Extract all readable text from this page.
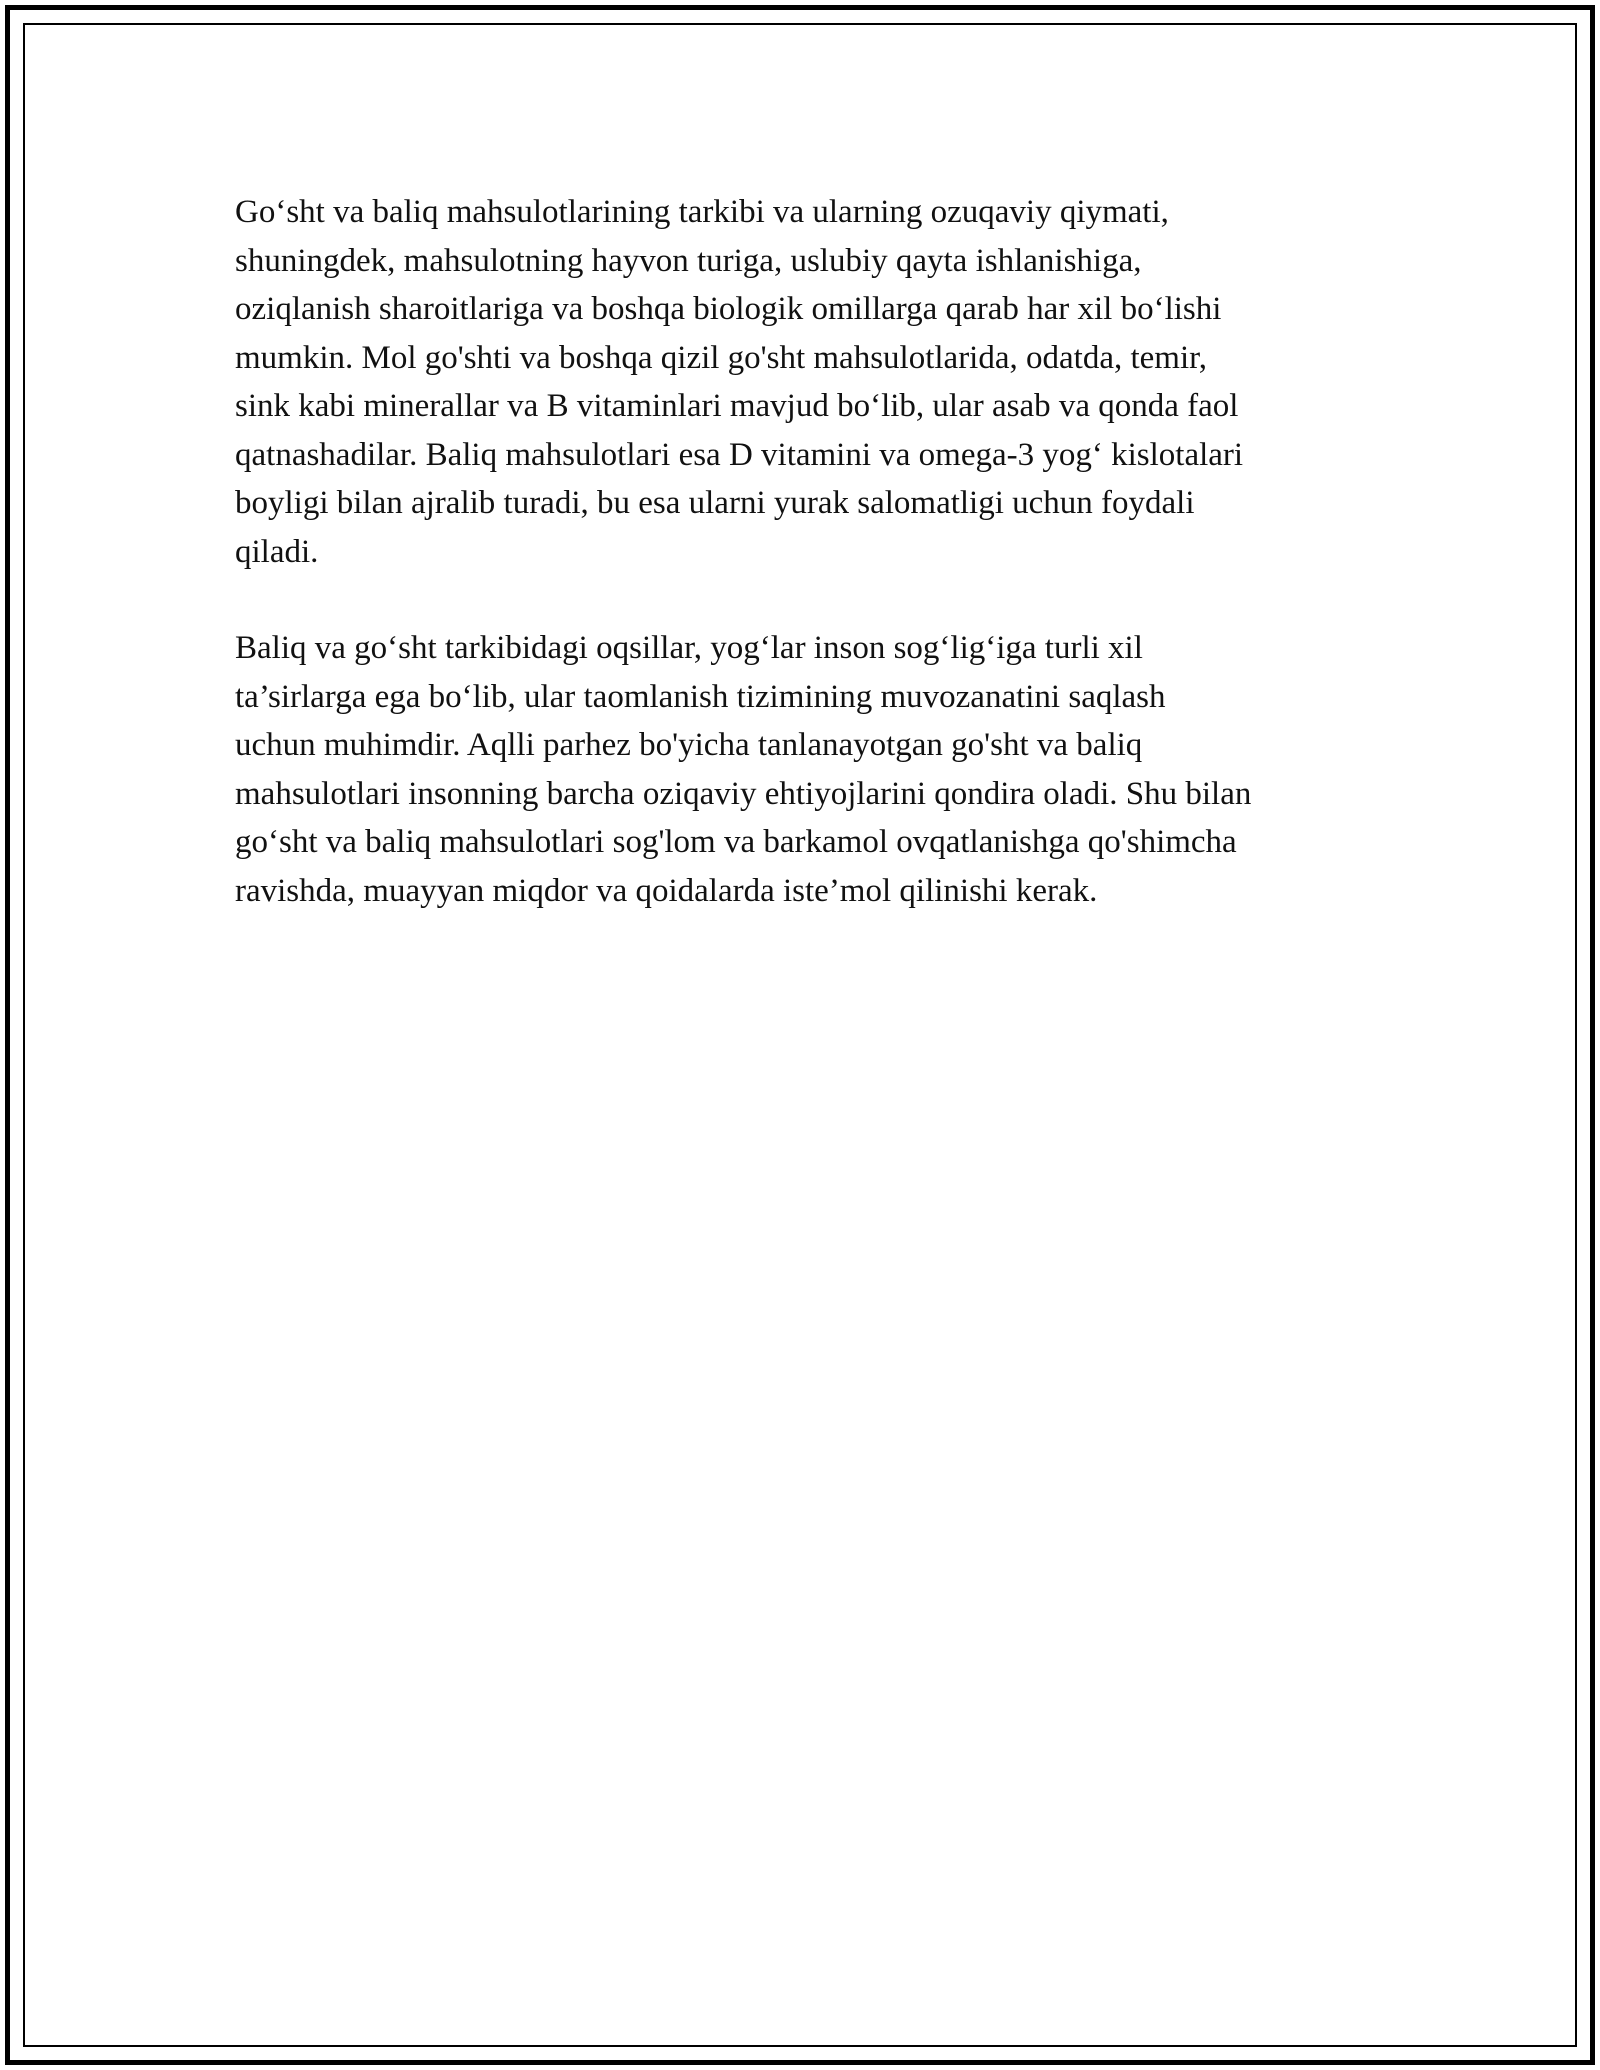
Go‘sht va baliq mahsulotlarining tarkibi va ularning ozuqaviy qiymati,
shuningdek, mahsulotning hayvon turiga, uslubiy qayta ishlanishiga,
oziqlanish sharoitlariga va boshqa biologik omillarga qarab har xil bo‘lishi
mumkin. Mol go'shti va boshqa qizil go'sht mahsulotlarida, odatda, temir,
sink kabi minerallar va B vitaminlari mavjud bo‘lib, ular asab va qonda faol
qatnashadilar. Baliq mahsulotlari esa D vitamini va omega-3 yog‘ kislotalari
boyligi bilan ajralib turadi, bu esa ularni yurak salomatligi uchun foydali
qiladi.

Baliq va go‘sht tarkibidagi oqsillar, yog‘lar inson sog‘lig‘iga turli xil
ta’sirlarga ega bo‘lib, ular taomlanish tizimining muvozanatini saqlash
uchun muhimdir. Aqlli parhez bo'yicha tanlanayotgan go'sht va baliq
mahsulotlari insonning barcha oziqaviy ehtiyojlarini qondira oladi. Shu bilan
go‘sht va baliq mahsulotlari sog'lom va barkamol ovqatlanishga qo'shimcha
ravishda, muayyan miqdor va qoidalarda iste’mol qilinishi kerak.
